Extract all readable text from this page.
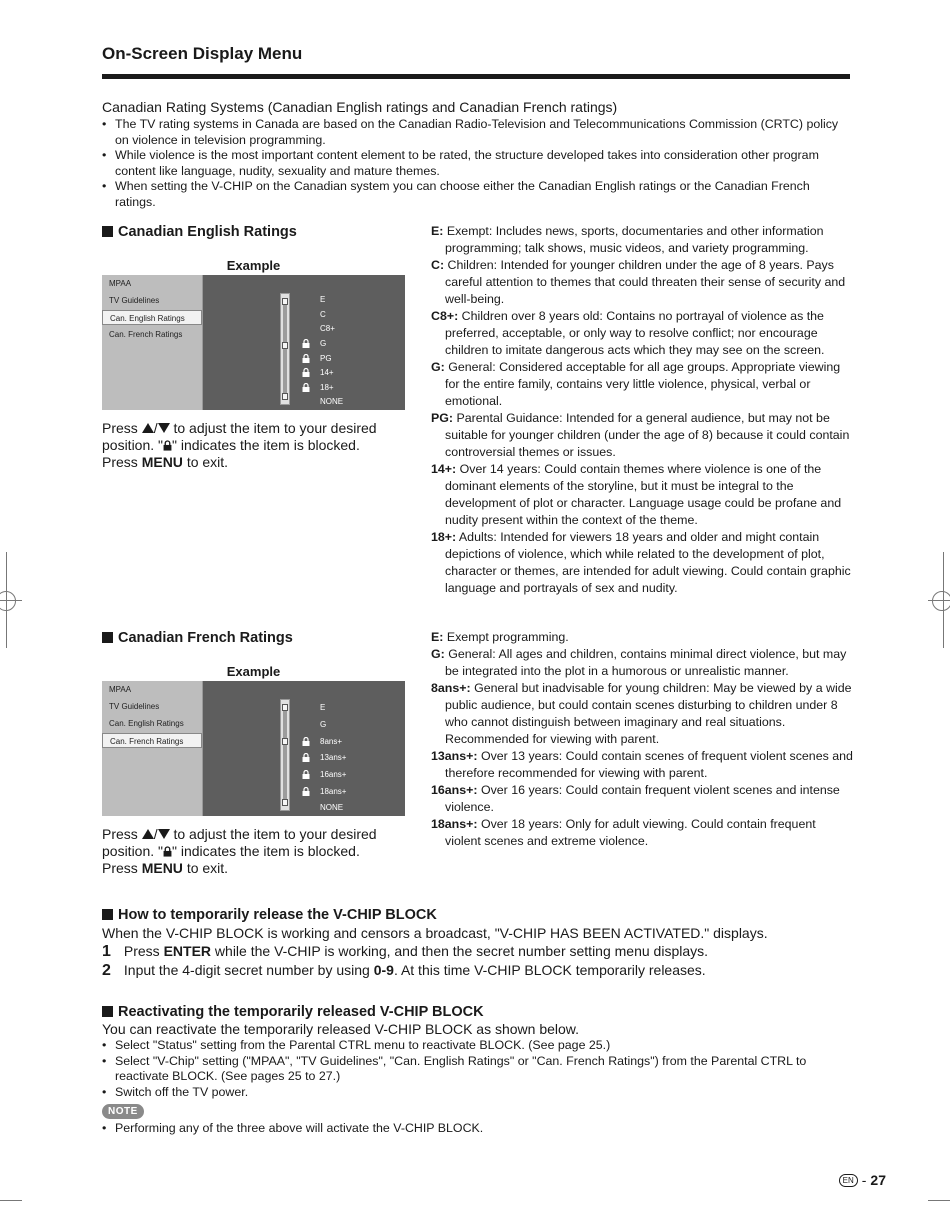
On-Screen Display Menu

Canadian Rating Systems (Canadian English ratings and Canadian French ratings)

• The TV rating systems in Canada are based on the Canadian Radio-Television and Telecommunications Commission (CRTC) policy on violence in television programming.
• While violence is the most important content element to be rated, the structure developed takes into consideration other program content like language, nudity, sexuality and mature themes.
• When setting the V-CHIP on the Canadian system you can choose either the Canadian English ratings or the Canadian French ratings.
Canadian English Ratings
Example
MPAA
TV Guidelines
Can. English Ratings
Can. French Ratings
E
C
C8+
G
PG
14+
18+
NONE
Press / to adjust the item to your desired
position. " " indicates the item is blocked.
Press MENU to exit.

E: Exempt: Includes news, sports, documentaries and other information programming; talk shows, music videos, and variety programming.

C: Children: Intended for younger children under the age of 8 years. Pays careful attention to themes that could threaten their sense of security and well-being.

C8+: Children over 8 years old: Contains no portrayal of violence as the preferred, acceptable, or only way to resolve conflict; nor encourage children to imitate dangerous acts which they may see on the screen.

G: General: Considered acceptable for all age groups. Appropriate viewing for the entire family, contains very little violence, physical, verbal or emotional.

PG: Parental Guidance: Intended for a general audience, but may not be suitable for younger children (under the age of 8) because it could contain controversial themes or issues.

14+: Over 14 years: Could contain themes where violence is one of the dominant elements of the storyline, but it must be integral to the development of plot or character. Language usage could be profane and nudity present within the context of the theme.

18+: Adults: Intended for viewers 18 years and older and might contain depictions of violence, which while related to the development of plot, character or themes, are intended for adult viewing. Could contain graphic language and portrayals of sex and nudity.

Canadian French Ratings
Example
MPAA
TV Guidelines
Can. English Ratings
Can. French Ratings
E
G
8ans+
13ans+
16ans+
18ans+
NONE
Press / to adjust the item to your desired
position. " " indicates the item is blocked.
Press MENU to exit.

E: Exempt programming.

G: General: All ages and children, contains minimal direct violence, but may be integrated into the plot in a humorous or unrealistic manner.

8ans+: General but inadvisable for young children: May be viewed by a wide public audience, but could contain scenes disturbing to children under 8 who cannot distinguish between imaginary and real situations.

Recommended for viewing with parent.

13ans+: Over 13 years: Could contain scenes of frequent violent scenes and therefore recommended for viewing with parent.

16ans+: Over 16 years: Could contain frequent violent scenes and intense violence.

18ans+: Over 18 years: Only for adult viewing. Could contain frequent violent scenes and extreme violence.

How to temporarily release the V-CHIP BLOCK

When the V-CHIP BLOCK is working and censors a broadcast, "V-CHIP HAS BEEN ACTIVATED." displays.

1 Press ENTER while the V-CHIP is working, and then the secret number setting menu displays.

2 Input the 4-digit secret number by using 0-9. At this time V-CHIP BLOCK temporarily releases.

Reactivating the temporarily released V-CHIP BLOCK

You can reactivate the temporarily released V-CHIP BLOCK as shown below.

• Select "Status" setting from the Parental CTRL menu to reactivate BLOCK. (See page 25.)
• Select "V-Chip" setting ("MPAA", "TV Guidelines", "Can. English Ratings" or "Can. French Ratings") from the Parental CTRL to reactivate BLOCK. (See pages 25 to 27.)
• Switch off the TV power.
NOTE
• Performing any of the three above will activate the V-CHIP BLOCK.
EN - 27
